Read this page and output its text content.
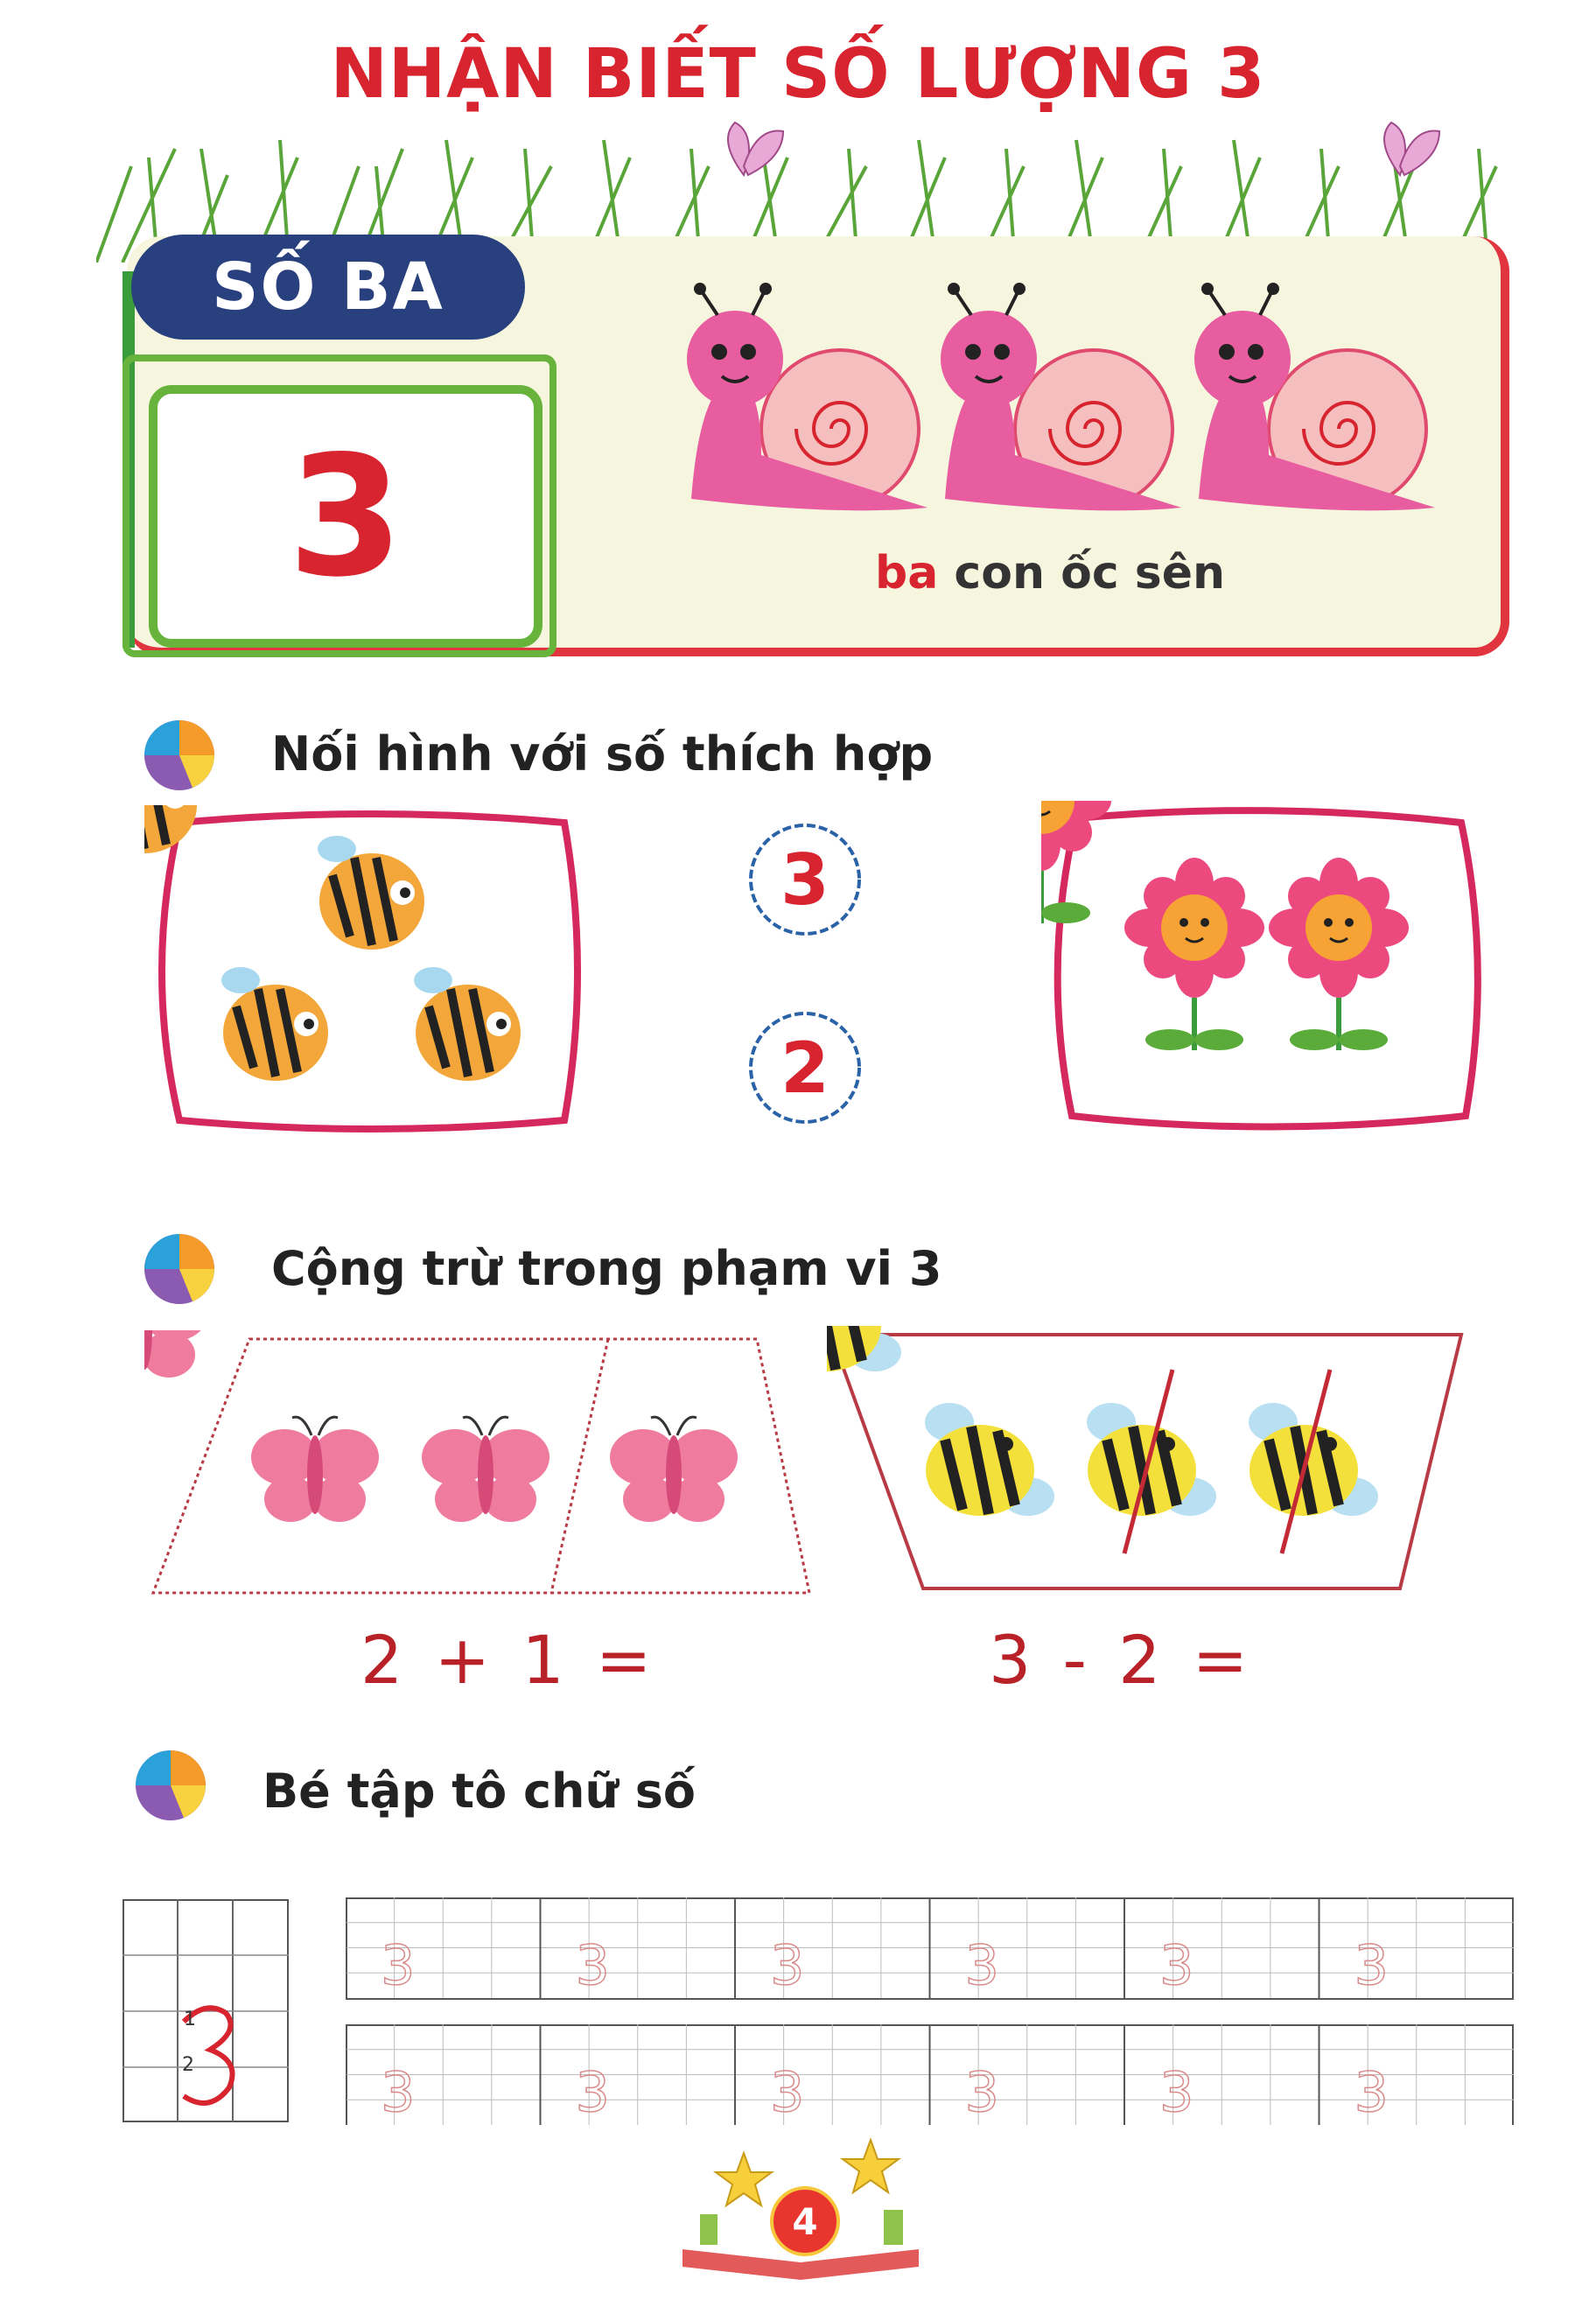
NHẬN BIẾT SỐ LƯỢNG 3
SỐ BA
3	ba con ốc sên
Nối hình với số thích hợp
3
2
Cộng trừ trong phạm vi 3
2 + 1 =	3 - 2 =
Bé tập tô chữ số
1
2
3	3	3	3	3	3
3	3	3	3	3	3
4
